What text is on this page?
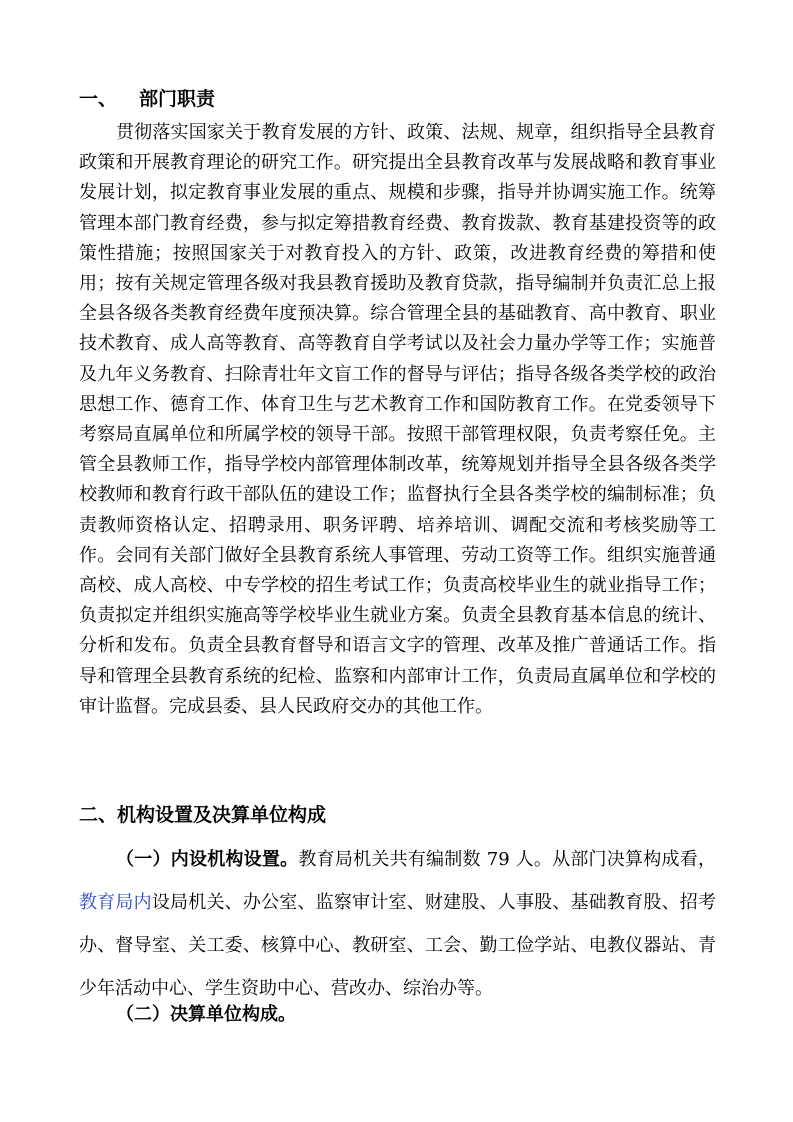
一、 部门职责
贯彻落实国家关于教育发展的方针、政策、法规、规章，组织指导全县教育政策和开展教育理论的研究工作。研究提出全县教育改革与发展战略和教育事业发展计划，拟定教育事业发展的重点、规模和步骤，指导并协调实施工作。统筹管理本部门教育经费，参与拟定筹措教育经费、教育拨款、教育基建投资等的政策性措施；按照国家关于对教育投入的方针、政策，改进教育经费的筹措和使用；按有关规定管理各级对我县教育援助及教育贷款，指导编制并负责汇总上报全县各级各类教育经费年度预决算。综合管理全县的基础教育、高中教育、职业技术教育、成人高等教育、高等教育自学考试以及社会力量办学等工作；实施普及九年义务教育、扫除青壮年文盲工作的督导与评估；指导各级各类学校的政治思想工作、德育工作、体育卫生与艺术教育工作和国防教育工作。在党委领导下考察局直属单位和所属学校的领导干部。按照干部管理权限，负责考察任免。主管全县教师工作，指导学校内部管理体制改革，统筹规划并指导全县各级各类学校教师和教育行政干部队伍的建设工作；监督执行全县各类学校的编制标准；负责教师资格认定、招聘录用、职务评聘、培养培训、调配交流和考核奖励等工作。会同有关部门做好全县教育系统人事管理、劳动工资等工作。组织实施普通高校、成人高校、中专学校的招生考试工作；负责高校毕业生的就业指导工作；负责拟定并组织实施高等学校毕业生就业方案。负责全县教育基本信息的统计、分析和发布。负责全县教育督导和语言文字的管理、改革及推广普通话工作。指导和管理全县教育系统的纪检、监察和内部审计工作，负责局直属单位和学校的审计监督。完成县委、县人民政府交办的其他工作。
二、机构设置及决算单位构成
（一）内设机构设置。教育局机关共有编制数 79 人。从部门决算构成看，教育局内设局机关、办公室、监察审计室、财建股、人事股、基础教育股、招考办、督导室、关工委、核算中心、教研室、工会、勤工俭学站、电教仪器站、青少年活动中心、学生资助中心、营改办、综治办等。
（二）决算单位构成。
